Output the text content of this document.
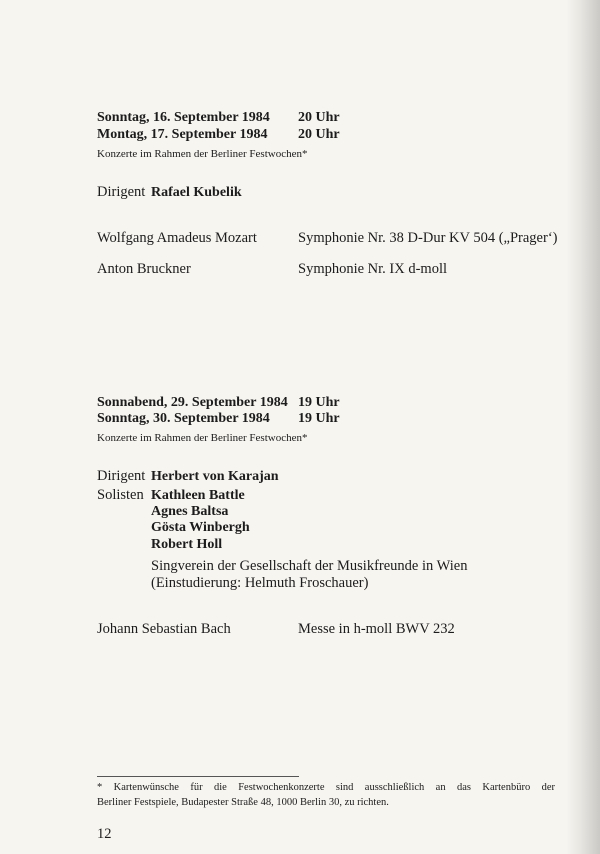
Sonntag, 16. September 1984 20 Uhr
Montag, 17. September 1984 20 Uhr
Konzerte im Rahmen der Berliner Festwochen*
Dirigent Rafael Kubelik
Wolfgang Amadeus Mozart	Symphonie Nr. 38 D-Dur KV 504 („Prager‘)
Anton Bruckner	Symphonie Nr. IX d-moll
Sonnabend, 29. September 1984 19 Uhr
Sonntag, 30. September 1984 19 Uhr
Konzerte im Rahmen der Berliner Festwochen*
Dirigent Herbert von Karajan
Solisten Kathleen Battle
Agnes Baltsa
Gösta Winbergh
Robert Holl
Singverein der Gesellschaft der Musikfreunde in Wien
(Einstudierung: Helmuth Froschauer)
Johann Sebastian Bach	Messe in h-moll BWV 232
* Kartenwünsche für die Festwochenkonzerte sind ausschließlich an das Kartenbüro der
Berliner Festspiele, Budapester Straße 48, 1000 Berlin 30, zu richten.
12
